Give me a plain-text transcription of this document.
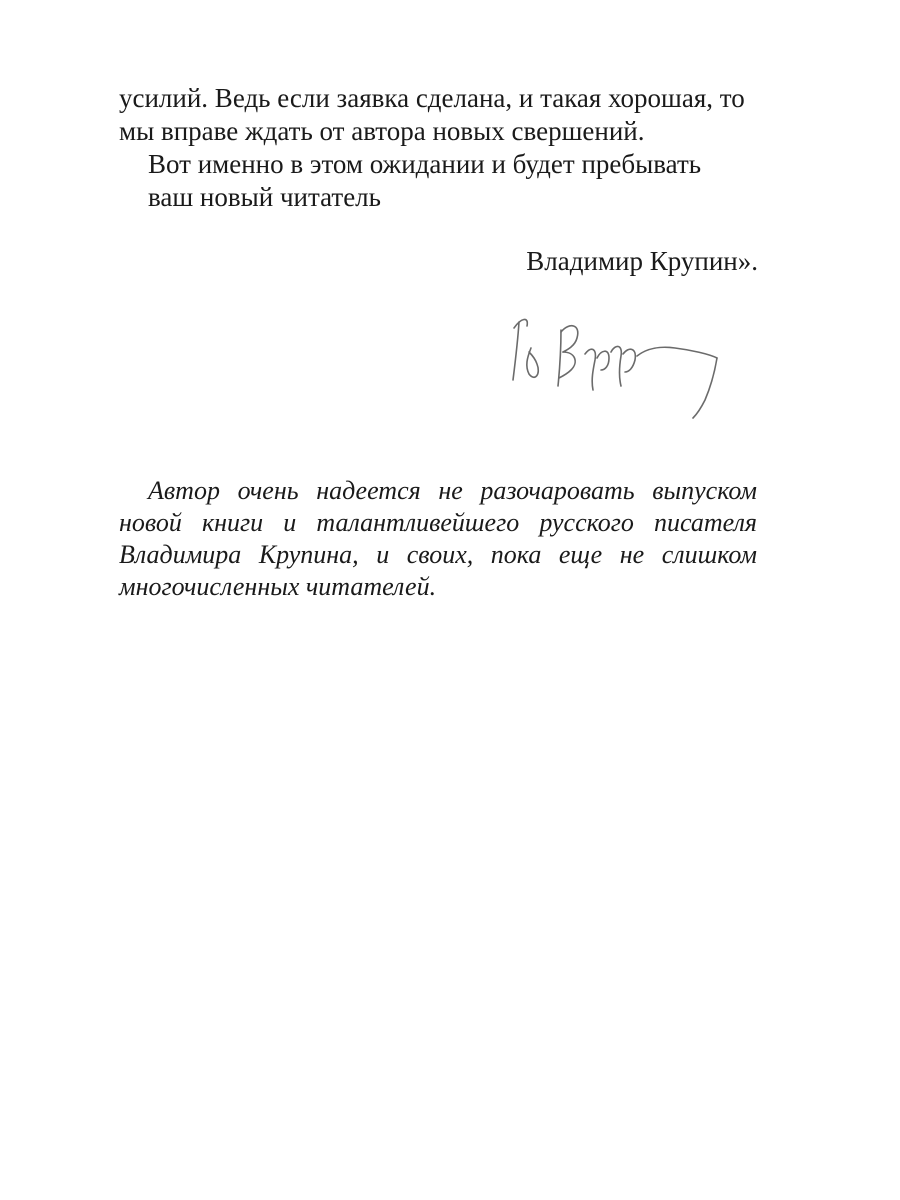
усилий. Ведь если заявка сделана, и такая хорошая, то

мы вправе ждать от автора новых свершений.

Вот именно в этом ожидании и будет пребывать

ваш новый читатель

Владимир Крупин».

Автор очень надеется не разочаровать выпуском
новой книги и талантливейшего русского писателя
Владимира Крупина, и своих, пока еще не слишком
многочисленных читателей.
